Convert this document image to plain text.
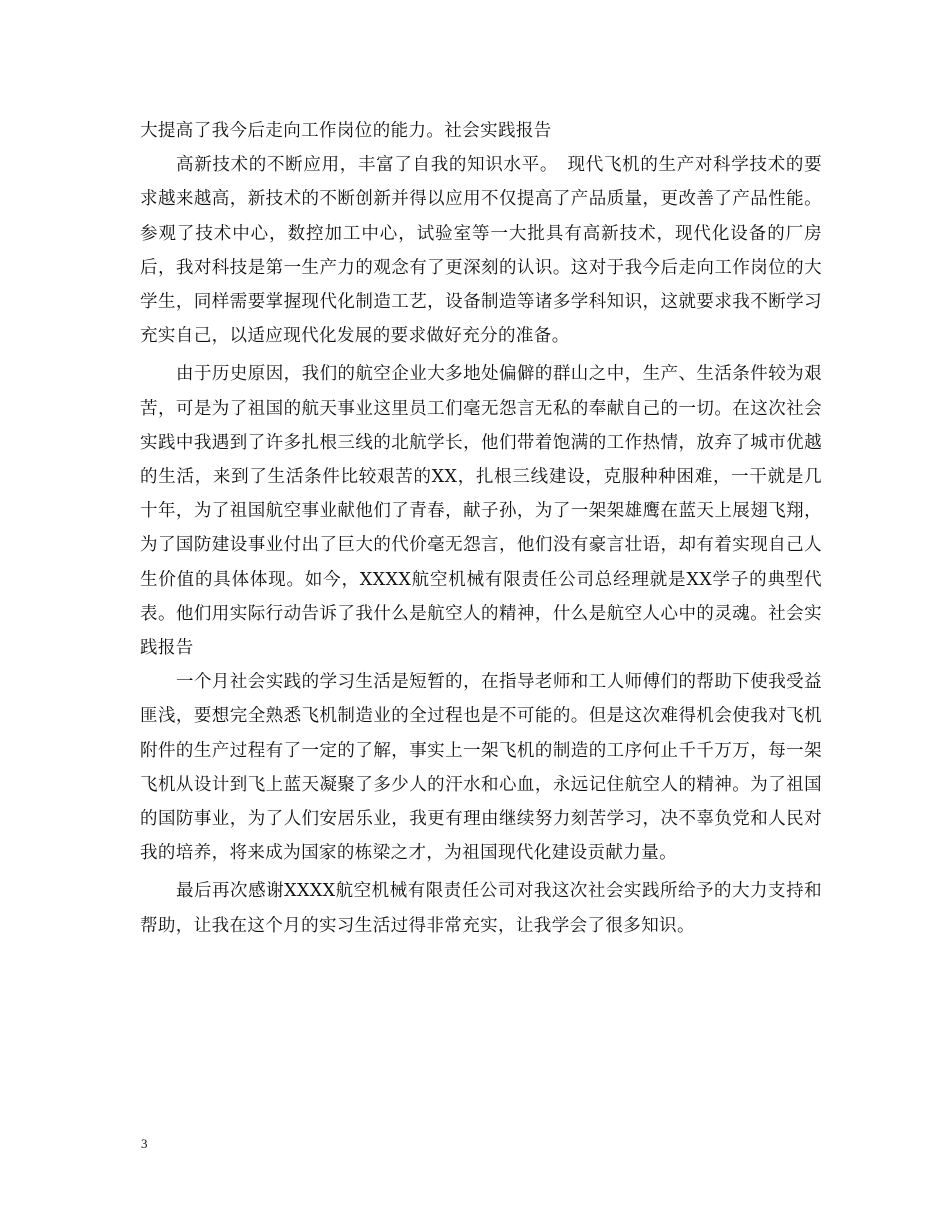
大提高了我今后走向工作岗位的能力。社会实践报告

高新技术的不断应用，丰富了自我的知识水平。　现代飞机的生产对科学技术的要求越来越高，新技术的不断创新并得以应用不仅提高了产品质量，更改善了产品性能。参观了技术中心，数控加工中心，试验室等一大批具有高新技术，现代化设备的厂房后，我对科技是第一生产力的观念有了更深刻的认识。这对于我今后走向工作岗位的大学生，同样需要掌握现代化制造工艺，设备制造等诸多学科知识，这就要求我不断学习充实自己，以适应现代化发展的要求做好充分的准备。

由于历史原因，我们的航空企业大多地处偏僻的群山之中，生产、生活条件较为艰苦，可是为了祖国的航天事业这里员工们毫无怨言无私的奉献自己的一切。在这次社会实践中我遇到了许多扎根三线的北航学长，他们带着饱满的工作热情，放弃了城市优越的生活，来到了生活条件比较艰苦的XX，扎根三线建设，克服种种困难，一干就是几十年，为了祖国航空事业献他们了青春，献子孙，为了一架架雄鹰在蓝天上展翅飞翔，为了国防建设事业付出了巨大的代价毫无怨言，他们没有豪言壮语，却有着实现自己人生价值的具体体现。如今，XXXX航空机械有限责任公司总经理就是XX学子的典型代表。他们用实际行动告诉了我什么是航空人的精神，什么是航空人心中的灵魂。社会实践报告

一个月社会实践的学习生活是短暂的，在指导老师和工人师傅们的帮助下使我受益匪浅，要想完全熟悉飞机制造业的全过程也是不可能的。但是这次难得机会使我对飞机附件的生产过程有了一定的了解，事实上一架飞机的制造的工序何止千千万万，每一架飞机从设计到飞上蓝天凝聚了多少人的汗水和心血，永远记住航空人的精神。为了祖国的国防事业，为了人们安居乐业，我更有理由继续努力刻苦学习，决不辜负党和人民对我的培养，将来成为国家的栋梁之才，为祖国现代化建设贡献力量。

最后再次感谢XXXX航空机械有限责任公司对我这次社会实践所给予的大力支持和帮助，让我在这个月的实习生活过得非常充实，让我学会了很多知识。

3
